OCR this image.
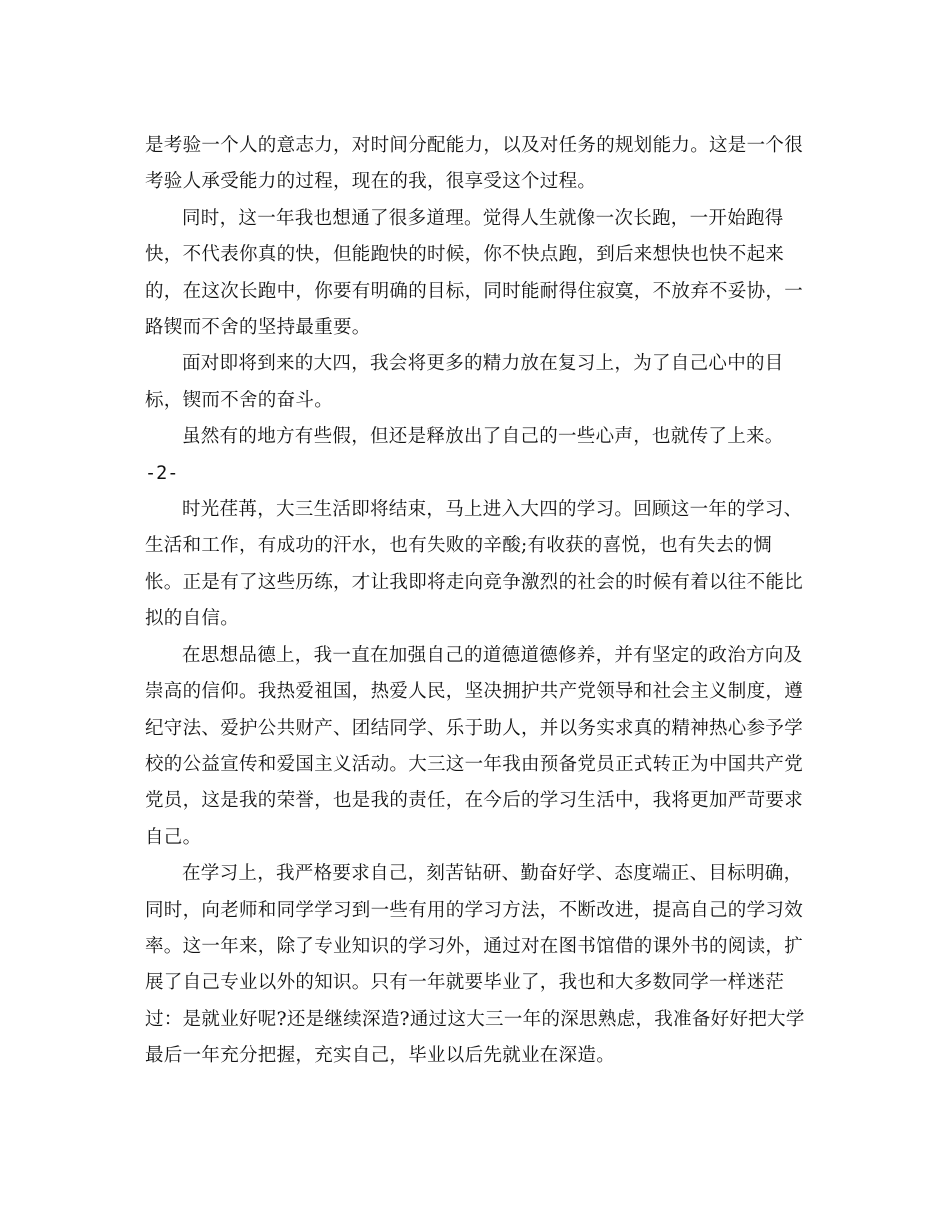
是考验一个人的意志力，对时间分配能力，以及对任务的规划能力。这是一个很考验人承受能力的过程，现在的我，很享受这个过程。

同时，这一年我也想通了很多道理。觉得人生就像一次长跑，一开始跑得快，不代表你真的快，但能跑快的时候，你不快点跑，到后来想快也快不起来的，在这次长跑中，你要有明确的目标，同时能耐得住寂寞，不放弃不妥协，一路锲而不舍的坚持最重要。

面对即将到来的大四，我会将更多的精力放在复习上，为了自己心中的目标，锲而不舍的奋斗。

虽然有的地方有些假，但还是释放出了自己的一些心声，也就传了上来。

-2-

时光荏苒，大三生活即将结束，马上进入大四的学习。回顾这一年的学习、生活和工作，有成功的汗水，也有失败的辛酸;有收获的喜悦，也有失去的惆怅。正是有了这些历练，才让我即将走向竞争激烈的社会的时候有着以往不能比拟的自信。

在思想品德上，我一直在加强自己的道德道德修养，并有坚定的政治方向及崇高的信仰。我热爱祖国，热爱人民，坚决拥护共产党领导和社会主义制度，遵纪守法、爱护公共财产、团结同学、乐于助人，并以务实求真的精神热心参予学校的公益宣传和爱国主义活动。大三这一年我由预备党员正式转正为中国共产党党员，这是我的荣誉，也是我的责任，在今后的学习生活中，我将更加严苛要求自己。

在学习上，我严格要求自己，刻苦钻研、勤奋好学、态度端正、目标明确，同时，向老师和同学学习到一些有用的学习方法，不断改进，提高自己的学习效率。这一年来，除了专业知识的学习外，通过对在图书馆借的课外书的阅读，扩展了自己专业以外的知识。只有一年就要毕业了，我也和大多数同学一样迷茫过：是就业好呢?还是继续深造?通过这大三一年的深思熟虑，我准备好好把大学最后一年充分把握，充实自己，毕业以后先就业在深造。
